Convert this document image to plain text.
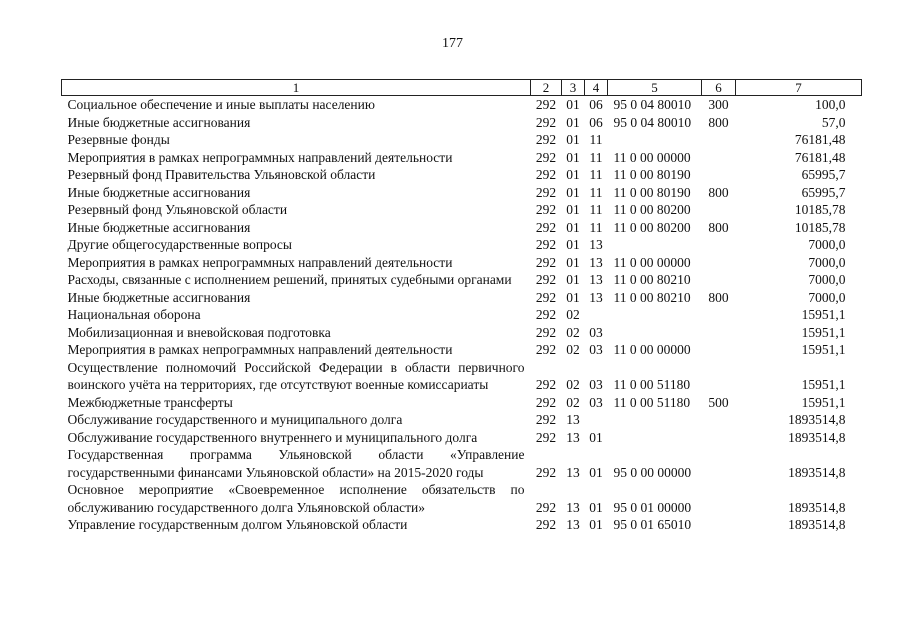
177
1	2	3	4	5	6	7
Социальное обеспечение и иные выплаты населению	292	01	06	95 0 04 80010	300	100,0
Иные бюджетные ассигнования	292	01	06	95 0 04 80010	800	57,0
Резервные фонды	292	01	11			76181,48
Мероприятия в рамках непрограммных направлений деятельности	292	01	11	11 0 00 00000		76181,48
Резервный фонд Правительства Ульяновской области	292	01	11	11 0 00 80190		65995,7
Иные бюджетные ассигнования	292	01	11	11 0 00 80190	800	65995,7
Резервный фонд Ульяновской области	292	01	11	11 0 00 80200		10185,78
Иные бюджетные ассигнования	292	01	11	11 0 00 80200	800	10185,78
Другие общегосударственные вопросы	292	01	13			7000,0
Мероприятия в рамках непрограммных направлений деятельности	292	01	13	11 0 00 00000		7000,0
Расходы, связанные с исполнением решений, принятых судебными органами	292	01	13	11 0 00 80210		7000,0
Иные бюджетные ассигнования	292	01	13	11 0 00 80210	800	7000,0
Национальная оборона	292	02				15951,1
Мобилизационная и вневойсковая подготовка	292	02	03			15951,1
Мероприятия в рамках непрограммных направлений деятельности	292	02	03	11 0 00 00000		15951,1
Осуществление полномочий Российской Федерации в области первичного воинского учёта на территориях, где отсутствуют военные комиссариаты	292	02	03	11 0 00 51180		15951,1
Межбюджетные трансферты	292	02	03	11 0 00 51180	500	15951,1
Обслуживание государственного и муниципального долга	292	13				1893514,8
Обслуживание государственного внутреннего и муниципального долга	292	13	01			1893514,8
Государственная программа Ульяновской области «Управление государственными финансами Ульяновской области» на 2015-2020 годы	292	13	01	95 0 00 00000		1893514,8
Основное мероприятие «Своевременное исполнение обязательств по обслуживанию государственного долга Ульяновской области»	292	13	01	95 0 01 00000		1893514,8
Управление государственным долгом Ульяновской области	292	13	01	95 0 01 65010		1893514,8
